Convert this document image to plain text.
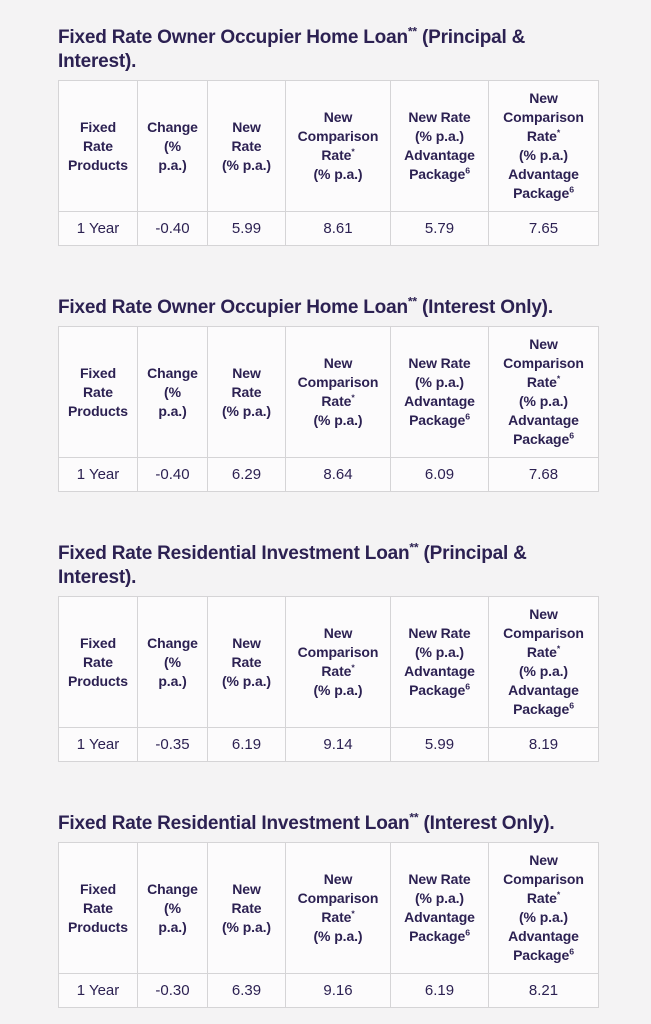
Fixed Rate Owner Occupier Home Loan** (Principal & Interest).
Fixed
Rate
Products	Change
(%
p.a.)	New
Rate
(% p.a.)	New
Comparison
Rate*
(% p.a.)	New Rate
(% p.a.)
Advantage
Package$^6$	New
Comparison
Rate*
(% p.a.)
Advantage
Package$^6$
1 Year	-0.40	5.99	8.61	5.79	7.65
Fixed Rate Owner Occupier Home Loan** (Interest Only).
Fixed
Rate
Products	Change
(%
p.a.)	New
Rate
(% p.a.)	New
Comparison
Rate*
(% p.a.)	New Rate
(% p.a.)
Advantage
Package$^6$	New
Comparison
Rate*
(% p.a.)
Advantage
Package$^6$
1 Year	-0.40	6.29	8.64	6.09	7.68
Fixed Rate Residential Investment Loan** (Principal & Interest).
Fixed
Rate
Products	Change
(%
p.a.)	New
Rate
(% p.a.)	New
Comparison
Rate*
(% p.a.)	New Rate
(% p.a.)
Advantage
Package$^6$	New
Comparison
Rate*
(% p.a.)
Advantage
Package$^6$
1 Year	-0.35	6.19	9.14	5.99	8.19
Fixed Rate Residential Investment Loan** (Interest Only).
Fixed
Rate
Products	Change
(%
p.a.)	New
Rate
(% p.a.)	New
Comparison
Rate*
(% p.a.)	New Rate
(% p.a.)
Advantage
Package$^6$	New
Comparison
Rate*
(% p.a.)
Advantage
Package$^6$
1 Year	-0.30	6.39	9.16	6.19	8.21
